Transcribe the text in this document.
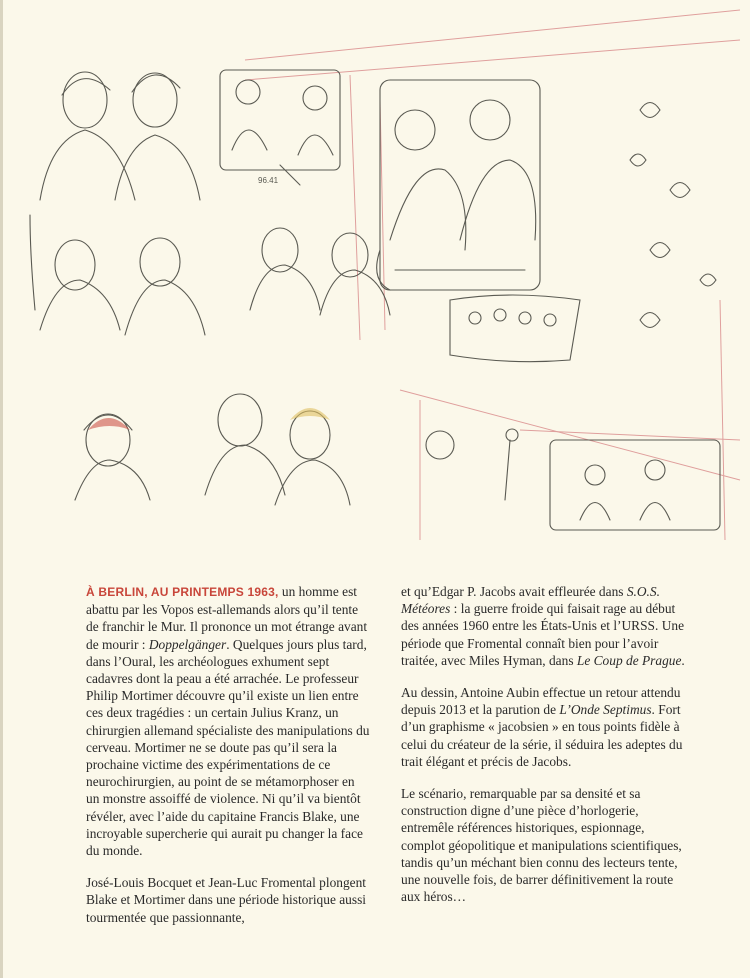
96.41

À BERLIN, AU PRINTEMPS 1963, un homme est abattu par les Vopos est-allemands alors qu’il tente de franchir le Mur. Il prononce un mot étrange avant de mourir : Doppelgänger. Quelques jours plus tard, dans l’Oural, les archéologues exhument sept cadavres dont la peau a été arrachée. Le professeur Philip Mortimer découvre qu’il existe un lien entre ces deux tragédies : un certain Julius Kranz, un chirurgien allemand spécialiste des manipulations du cerveau. Mortimer ne se doute pas qu’il sera la prochaine victime des expérimentations de ce neurochirurgien, au point de se métamorphoser en un monstre assoiffé de violence. Ni qu’il va bientôt révéler, avec l’aide du capitaine Francis Blake, une incroyable supercherie qui aurait pu changer la face du monde.

José-Louis Bocquet et Jean-Luc Fromental plongent Blake et Mortimer dans une période historique aussi tourmentée que passionnante,

et qu’Edgar P. Jacobs avait effleurée dans S.O.S. Météores : la guerre froide qui faisait rage au début des années 1960 entre les États-Unis et l’URSS. Une période que Fromental connaît bien pour l’avoir traitée, avec Miles Hyman, dans Le Coup de Prague.

Au dessin, Antoine Aubin effectue un retour attendu depuis 2013 et la parution de L’Onde Septimus. Fort d’un graphisme « jacobsien » en tous points fidèle à celui du créateur de la série, il séduira les adeptes du trait élégant et précis de Jacobs.

Le scénario, remarquable par sa densité et sa construction digne d’une pièce d’horlogerie, entremêle références historiques, espionnage, complot géopolitique et manipulations scientifiques, tandis qu’un méchant bien connu des lecteurs tente, une nouvelle fois, de barrer définitivement la route aux héros…
